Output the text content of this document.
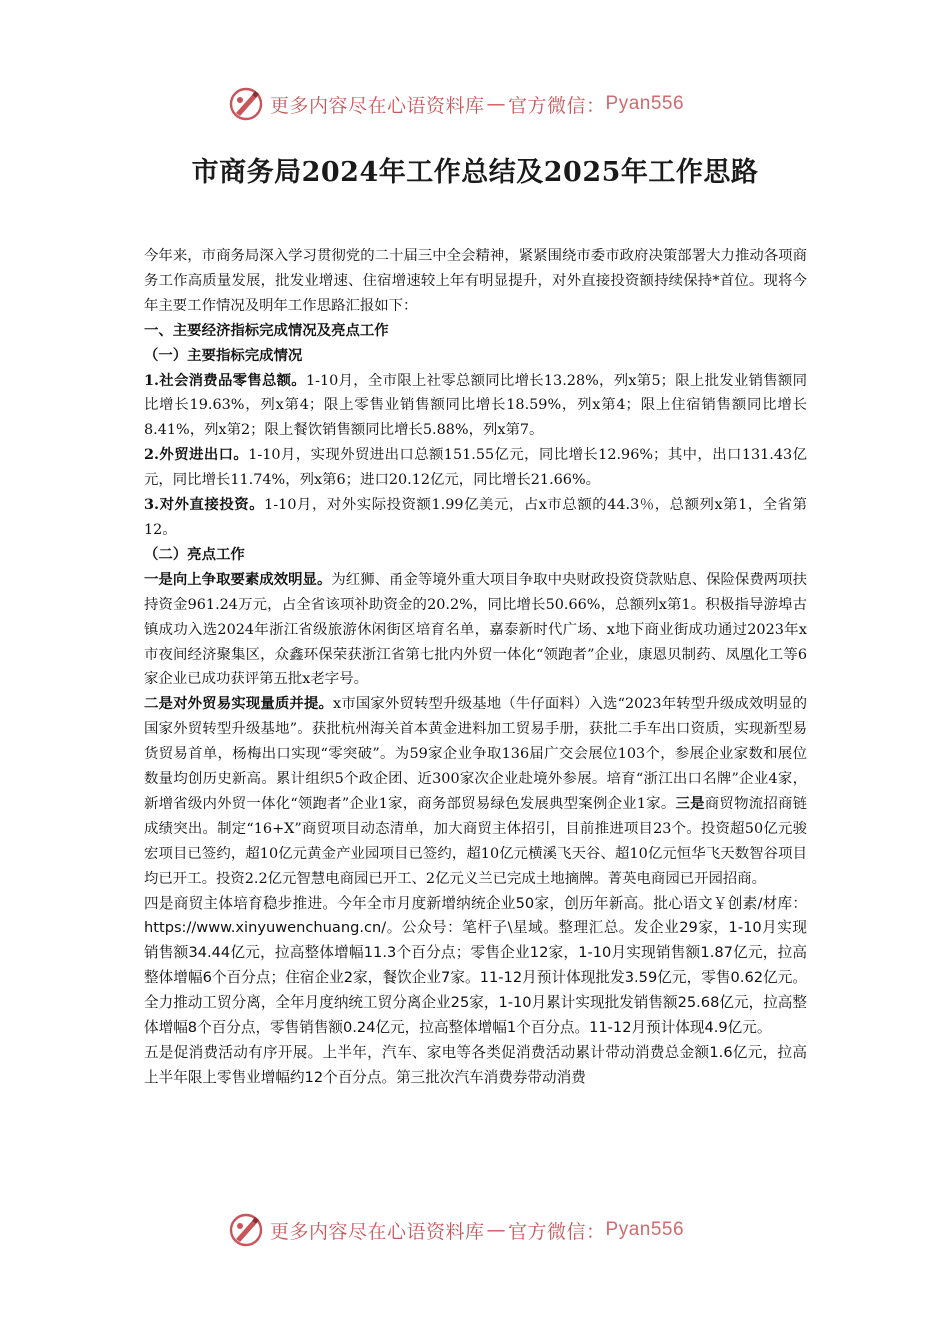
更多内容尽在心语资料库 — 官方微信： Pyan556
市商务局2024年工作总结及2025年工作思路

今年来，市商务局深入学习贯彻党的二十届三中全会精神，紧紧围绕市委市政府决策部署大力推动各项商务工作高质量发展，批发业增速、住宿增速较上年有明显提升，对外直接投资额持续保持*首位。现将今年主要工作情况及明年工作思路汇报如下：

一、主要经济指标完成情况及亮点工作

（一）主要指标完成情况

1.社会消费品零售总额。1-10月，全市限上社零总额同比增长13.28%，列x第5；限上批发业销售额同比增长19.63%，列x第4；限上零售业销售额同比增长18.59%，列x第4；限上住宿销售额同比增长8.41%，列x第2；限上餐饮销售额同比增长5.88%，列x第7。

2.外贸进出口。1-10月，实现外贸进出口总额151.55亿元，同比增长12.96%；其中，出口131.43亿元，同比增长11.74%，列x第6；进口20.12亿元，同比增长21.66%。

3.对外直接投资。1-10月，对外实际投资额1.99亿美元，占x市总额的44.3％，总额列x第1，全省第12。

（二）亮点工作

一是向上争取要素成效明显。为红狮、甬金等境外重大项目争取中央财政投资贷款贴息、保险保费两项扶持资金961.24万元，占全省该项补助资金的20.2%，同比增长50.66%，总额列x第1。积极指导游埠古镇成功入选2024年浙江省级旅游休闲街区培育名单，嘉泰新时代广场、x地下商业街成功通过2023年x市夜间经济聚集区，众鑫环保荣获浙江省第七批内外贸一体化“领跑者”企业，康恩贝制药、凤凰化工等6家企业已成功获评第五批x老字号。

二是对外贸易实现量质并提。x市国家外贸转型升级基地（牛仔面料）入选“2023年转型升级成效明显的国家外贸转型升级基地”。获批杭州海关首本黄金进料加工贸易手册，获批二手车出口资质，实现新型易货贸易首单，杨梅出口实现“零突破”。为59家企业争取136届广交会展位103个，参展企业家数和展位数量均创历史新高。累计组织5个政企团、近300家次企业赴境外参展。培育“浙江出口名牌”企业4家，新增省级内外贸一体化“领跑者”企业1家，商务部贸易绿色发展典型案例企业1家。三是商贸物流招商链成绩突出。制定“16+X”商贸项目动态清单，加大商贸主体招引，目前推进项目23个。投资超50亿元骏宏项目已签约，超10亿元黄金产业园项目已签约，超10亿元横溪飞天谷、超10亿元恒华飞天数智谷项目均已开工。投资2.2亿元智慧电商园已开工、2亿元义兰已完成土地摘牌。菁英电商园已开园招商。

四是商贸主体培育稳步推进。今年全市月度新增纳统企业50家，创历年新高。批心语文￥创素/材库：https://www.xinyuwenchuang.cn/。公众号：笔杆子\星域。整理汇总。发企业29家，1-10月实现销售额34.44亿元，拉高整体增幅11.3个百分点；零售企业12家，1-10月实现销售额1.87亿元，拉高整体增幅6个百分点；住宿企业2家，餐饮企业7家。11-12月预计体现批发3.59亿元，零售0.62亿元。全力推动工贸分离，全年月度纳统工贸分离企业25家，1-10月累计实现批发销售额25.68亿元，拉高整体增幅8个百分点，零售销售额0.24亿元，拉高整体增幅1个百分点。11-12月预计体现4.9亿元。

五是促消费活动有序开展。上半年，汽车、家电等各类促消费活动累计带动消费总金额1.6亿元，拉高上半年限上零售业增幅约12个百分点。第三批次汽车消费券带动消费

更多内容尽在心语资料库 — 官方微信： Pyan556
